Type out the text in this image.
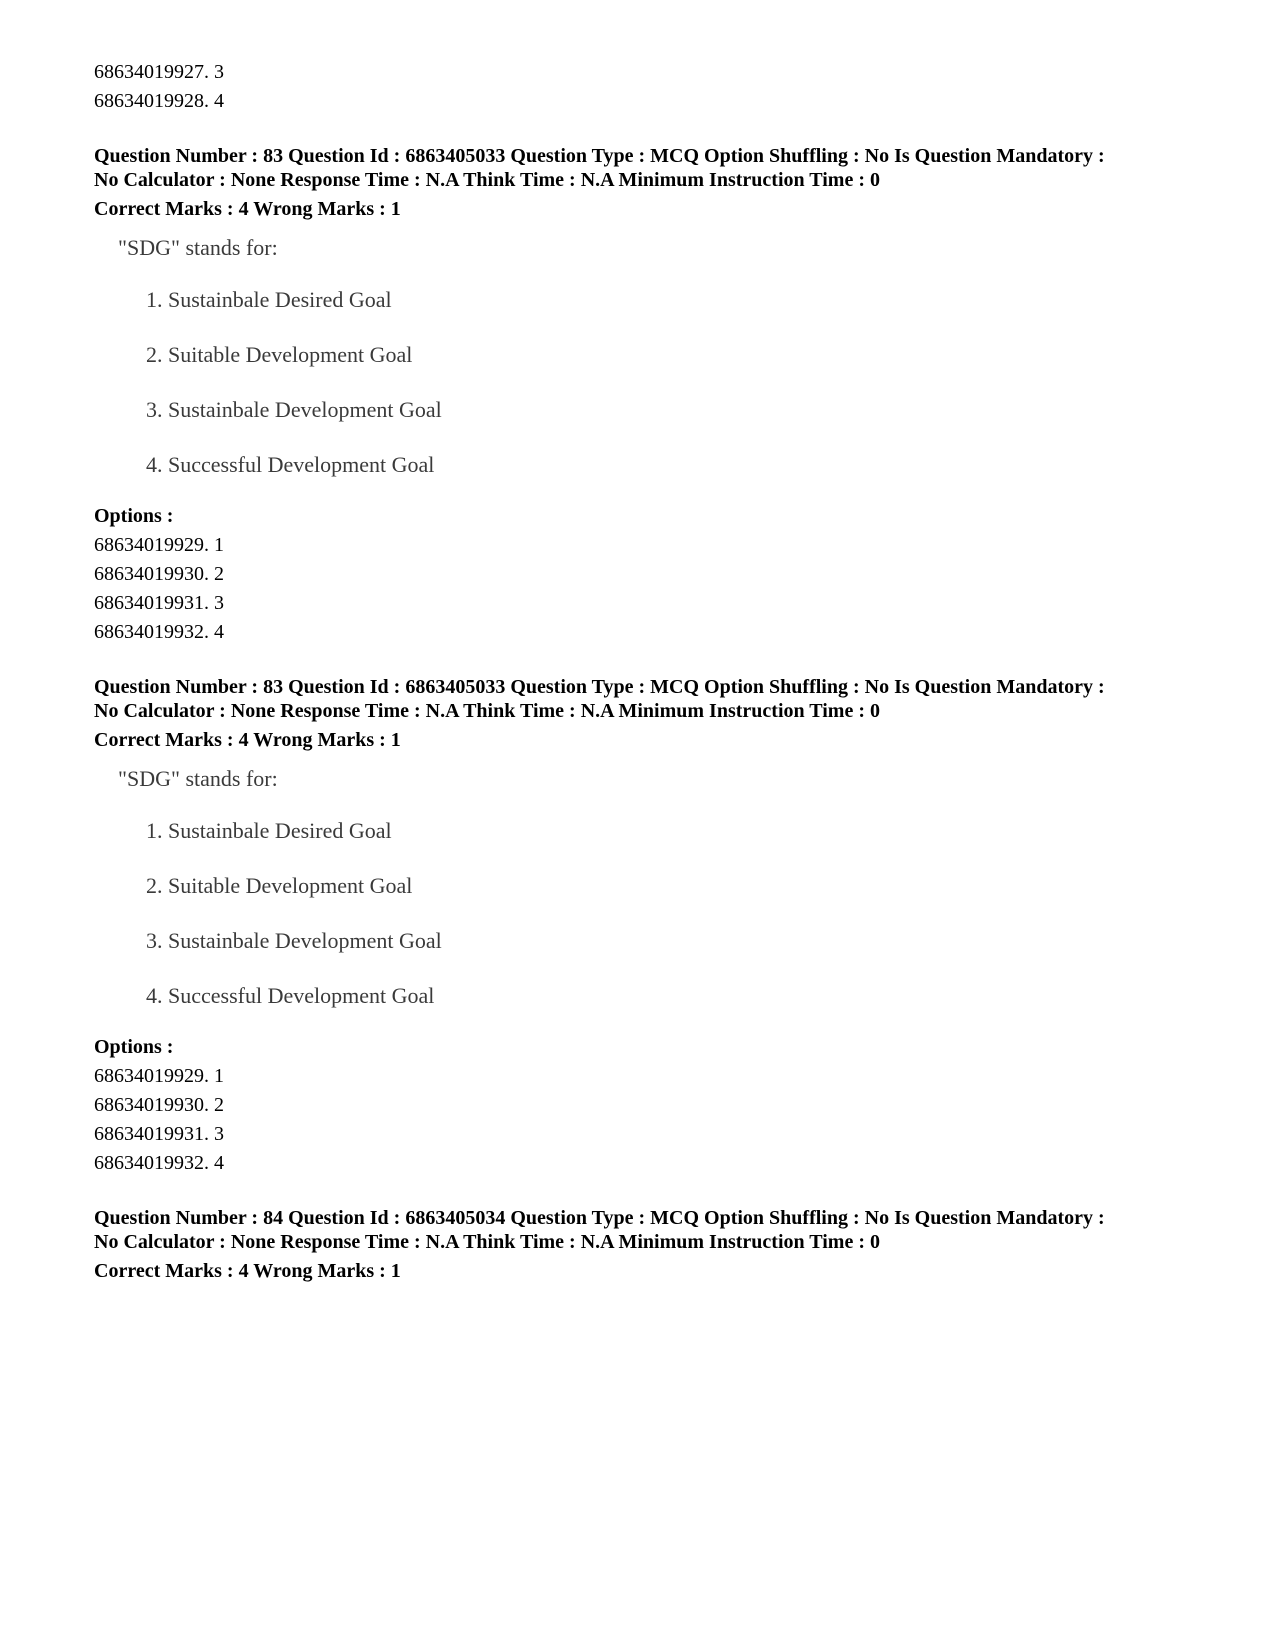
68634019927. 3
68634019928. 4
Question Number : 83 Question Id : 6863405033 Question Type : MCQ Option Shuffling : No Is Question Mandatory :
No Calculator : None Response Time : N.A Think Time : N.A Minimum Instruction Time : 0
Correct Marks : 4 Wrong Marks : 1
"SDG" stands for:
1. Sustainbale Desired Goal
2. Suitable Development Goal
3. Sustainbale Development Goal
4. Successful Development Goal
Options :
68634019929. 1
68634019930. 2
68634019931. 3
68634019932. 4
Question Number : 83 Question Id : 6863405033 Question Type : MCQ Option Shuffling : No Is Question Mandatory :
No Calculator : None Response Time : N.A Think Time : N.A Minimum Instruction Time : 0
Correct Marks : 4 Wrong Marks : 1
"SDG" stands for:
1. Sustainbale Desired Goal
2. Suitable Development Goal
3. Sustainbale Development Goal
4. Successful Development Goal
Options :
68634019929. 1
68634019930. 2
68634019931. 3
68634019932. 4
Question Number : 84 Question Id : 6863405034 Question Type : MCQ Option Shuffling : No Is Question Mandatory :
No Calculator : None Response Time : N.A Think Time : N.A Minimum Instruction Time : 0
Correct Marks : 4 Wrong Marks : 1
